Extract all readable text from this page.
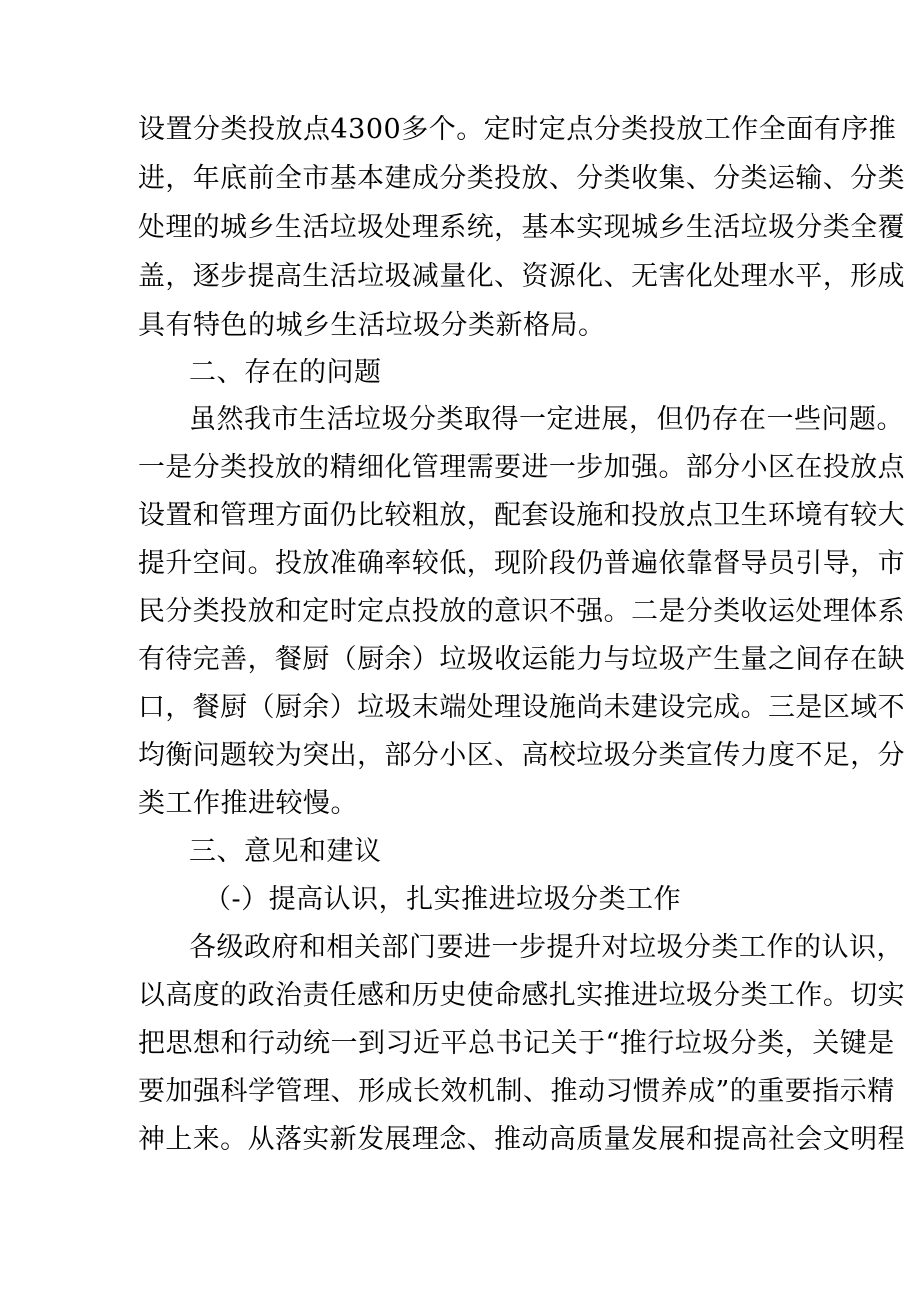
设置分类投放点4300多个。定时定点分类投放工作全面有序推
进，年底前全市基本建成分类投放、分类收集、分类运输、分类
处理的城乡生活垃圾处理系统，基本实现城乡生活垃圾分类全覆
盖，逐步提高生活垃圾减量化、资源化、无害化处理水平，形成
具有特色的城乡生活垃圾分类新格局。
二、存在的问题
虽然我市生活垃圾分类取得一定进展，但仍存在一些问题。
一是分类投放的精细化管理需要进一步加强。部分小区在投放点
设置和管理方面仍比较粗放，配套设施和投放点卫生环境有较大
提升空间。投放准确率较低，现阶段仍普遍依靠督导员引导，市
民分类投放和定时定点投放的意识不强。二是分类收运处理体系
有待完善，餐厨（厨余）垃圾收运能力与垃圾产生量之间存在缺
口，餐厨（厨余）垃圾末端处理设施尚未建设完成。三是区域不
均衡问题较为突出，部分小区、高校垃圾分类宣传力度不足，分
类工作推进较慢。
三、意见和建议
（-）提高认识，扎实推进垃圾分类工作
各级政府和相关部门要进一步提升对垃圾分类工作的认识，
以高度的政治责任感和历史使命感扎实推进垃圾分类工作。切实
把思想和行动统一到习近平总书记关于“推行垃圾分类，关键是
要加强科学管理、形成长效机制、推动习惯养成”的重要指示精
神上来。从落实新发展理念、推动高质量发展和提高社会文明程
